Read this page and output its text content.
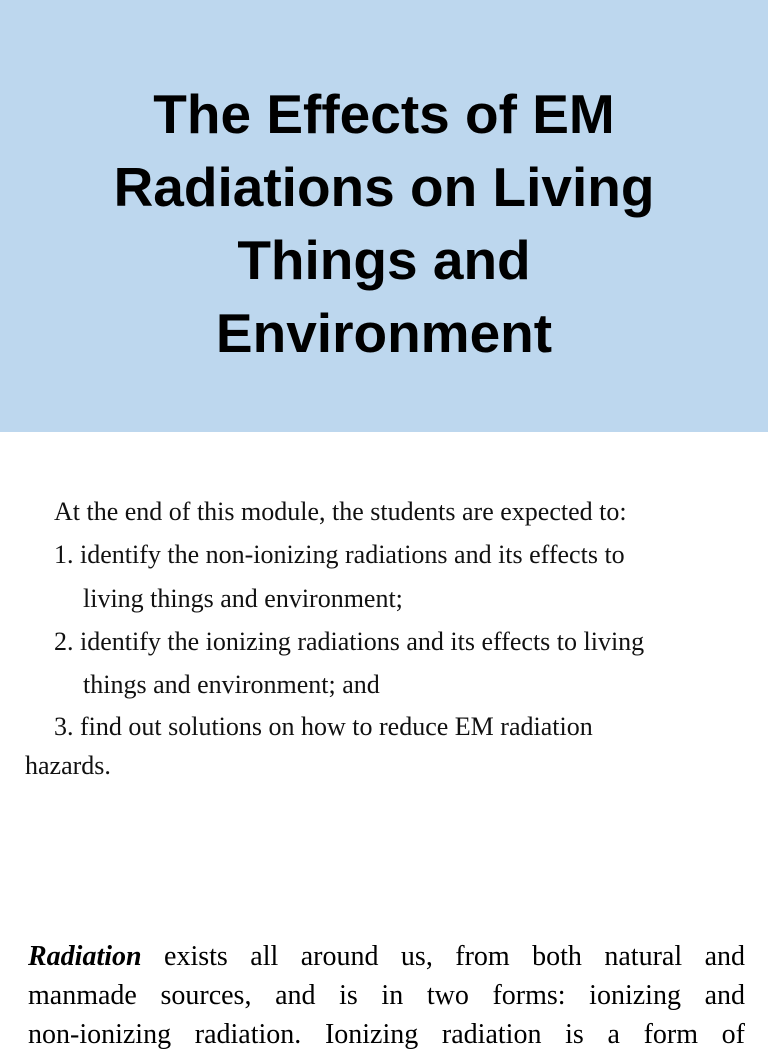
The Effects of EM
Radiations on Living
Things and
Environment
At the end of this module, the students are expected to:
1. identify the non-ionizing radiations and its effects to
living things and environment;
2. identify the ionizing radiations and its effects to living
things and environment; and
3. find out solutions on how to reduce EM radiation
hazards.
Radiation exists all around us, from both natural and
manmade sources, and is in two forms: ionizing and
non-ionizing radiation. Ionizing radiation is a form of
